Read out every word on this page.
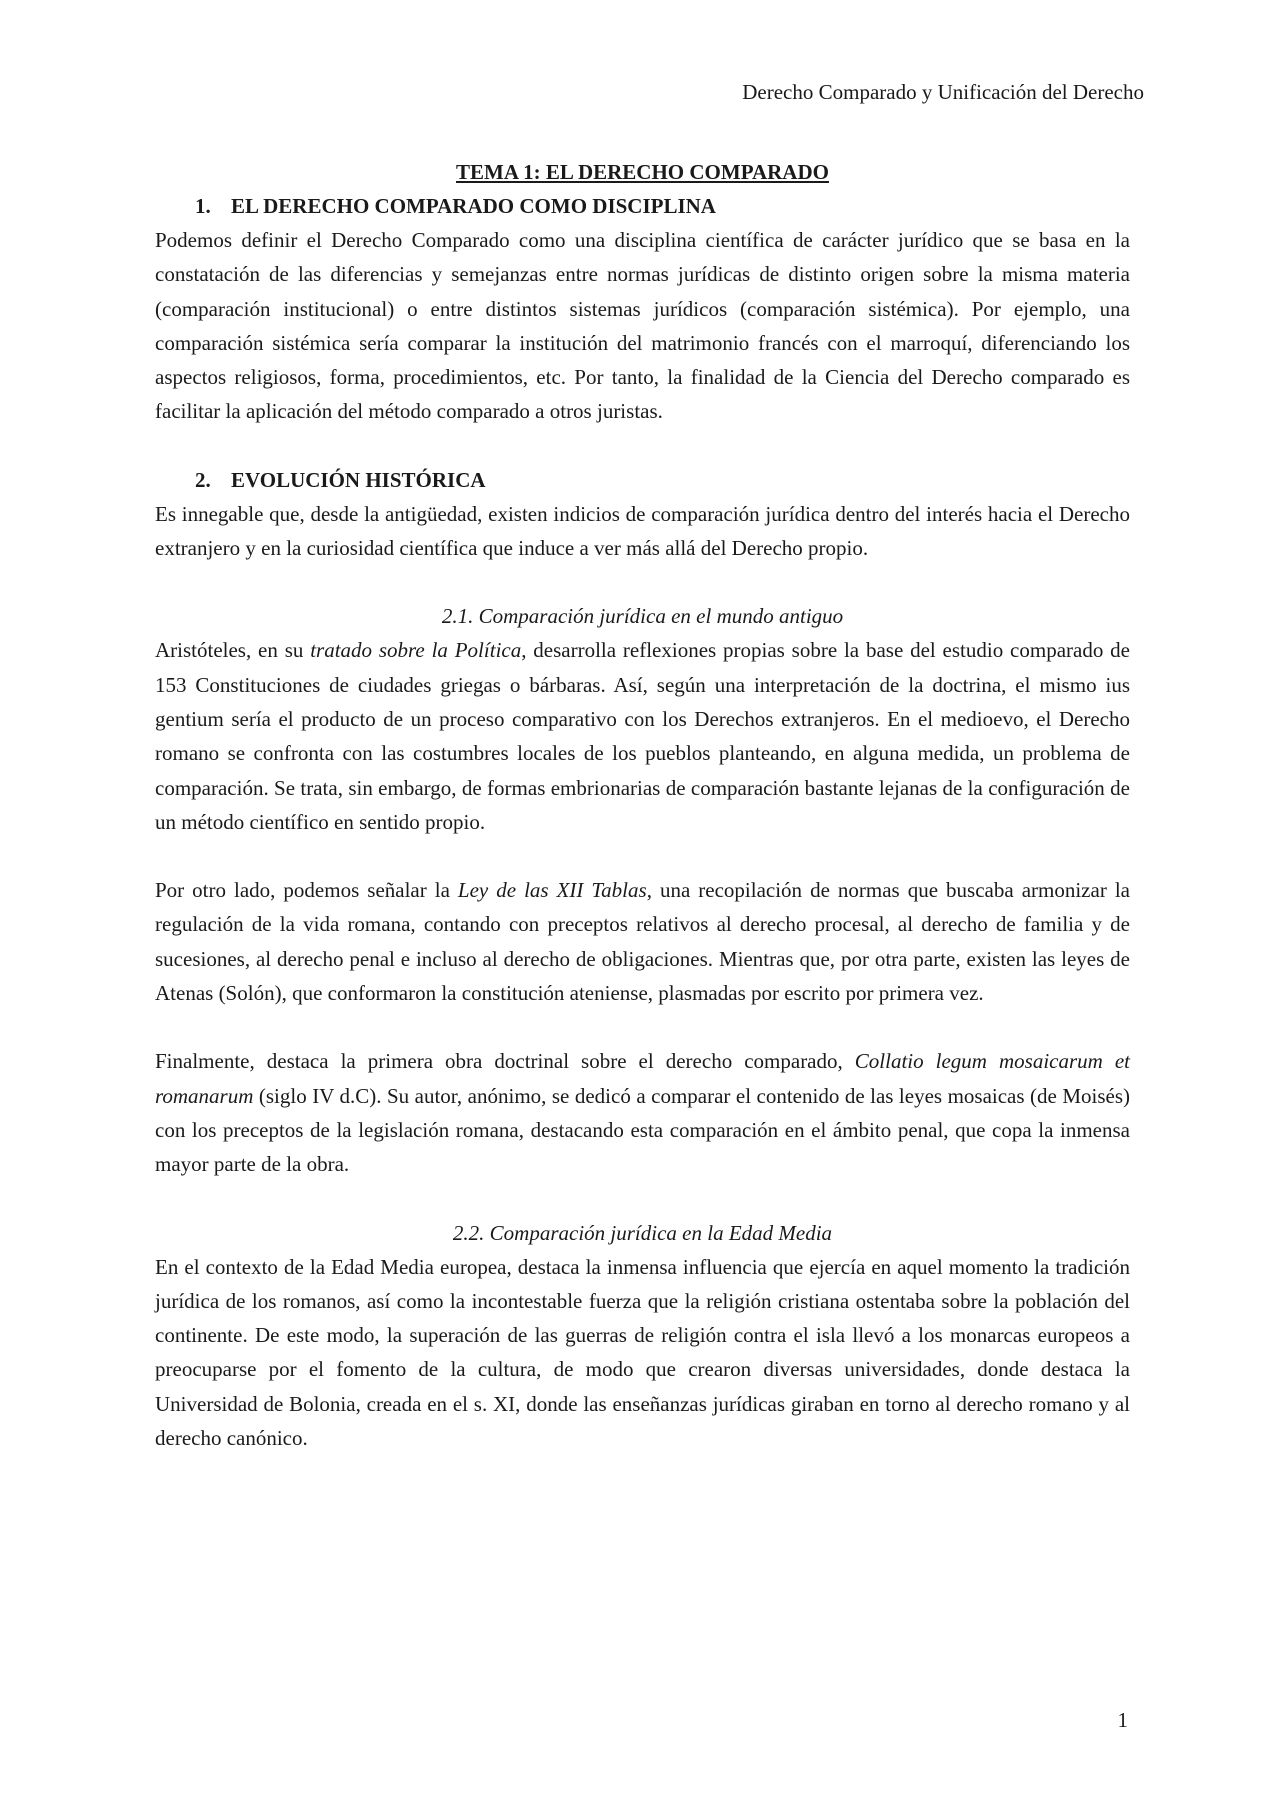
Derecho Comparado y Unificación del Derecho

TEMA 1: EL DERECHO COMPARADO

1. EL DERECHO COMPARADO COMO DISCIPLINA

Podemos definir el Derecho Comparado como una disciplina científica de carácter jurídico que se basa en la constatación de las diferencias y semejanzas entre normas jurídicas de distinto origen sobre la misma materia (comparación institucional) o entre distintos sistemas jurídicos (comparación sistémica). Por ejemplo, una comparación sistémica sería comparar la institución del matrimonio francés con el marroquí, diferenciando los aspectos religiosos, forma, procedimientos, etc. Por tanto, la finalidad de la Ciencia del Derecho comparado es facilitar la aplicación del método comparado a otros juristas.

2. EVOLUCIÓN HISTÓRICA

Es innegable que, desde la antigüedad, existen indicios de comparación jurídica dentro del interés hacia el Derecho extranjero y en la curiosidad científica que induce a ver más allá del Derecho propio.

2.1. Comparación jurídica en el mundo antiguo

Aristóteles, en su tratado sobre la Política, desarrolla reflexiones propias sobre la base del estudio comparado de 153 Constituciones de ciudades griegas o bárbaras. Así, según una interpretación de la doctrina, el mismo ius gentium sería el producto de un proceso comparativo con los Derechos extranjeros. En el medioevo, el Derecho romano se confronta con las costumbres locales de los pueblos planteando, en alguna medida, un problema de comparación. Se trata, sin embargo, de formas embrionarias de comparación bastante lejanas de la configuración de un método científico en sentido propio.

Por otro lado, podemos señalar la Ley de las XII Tablas, una recopilación de normas que buscaba armonizar la regulación de la vida romana, contando con preceptos relativos al derecho procesal, al derecho de familia y de sucesiones, al derecho penal e incluso al derecho de obligaciones. Mientras que, por otra parte, existen las leyes de Atenas (Solón), que conformaron la constitución ateniense, plasmadas por escrito por primera vez.

Finalmente, destaca la primera obra doctrinal sobre el derecho comparado, Collatio legum mosaicarum et romanarum (siglo IV d.C). Su autor, anónimo, se dedicó a comparar el contenido de las leyes mosaicas (de Moisés) con los preceptos de la legislación romana, destacando esta comparación en el ámbito penal, que copa la inmensa mayor parte de la obra.

2.2. Comparación jurídica en la Edad Media

En el contexto de la Edad Media europea, destaca la inmensa influencia que ejercía en aquel momento la tradición jurídica de los romanos, así como la incontestable fuerza que la religión cristiana ostentaba sobre la población del continente. De este modo, la superación de las guerras de religión contra el isla llevó a los monarcas europeos a preocuparse por el fomento de la cultura, de modo que crearon diversas universidades, donde destaca la Universidad de Bolonia, creada en el s. XI, donde las enseñanzas jurídicas giraban en torno al derecho romano y al derecho canónico.

1
